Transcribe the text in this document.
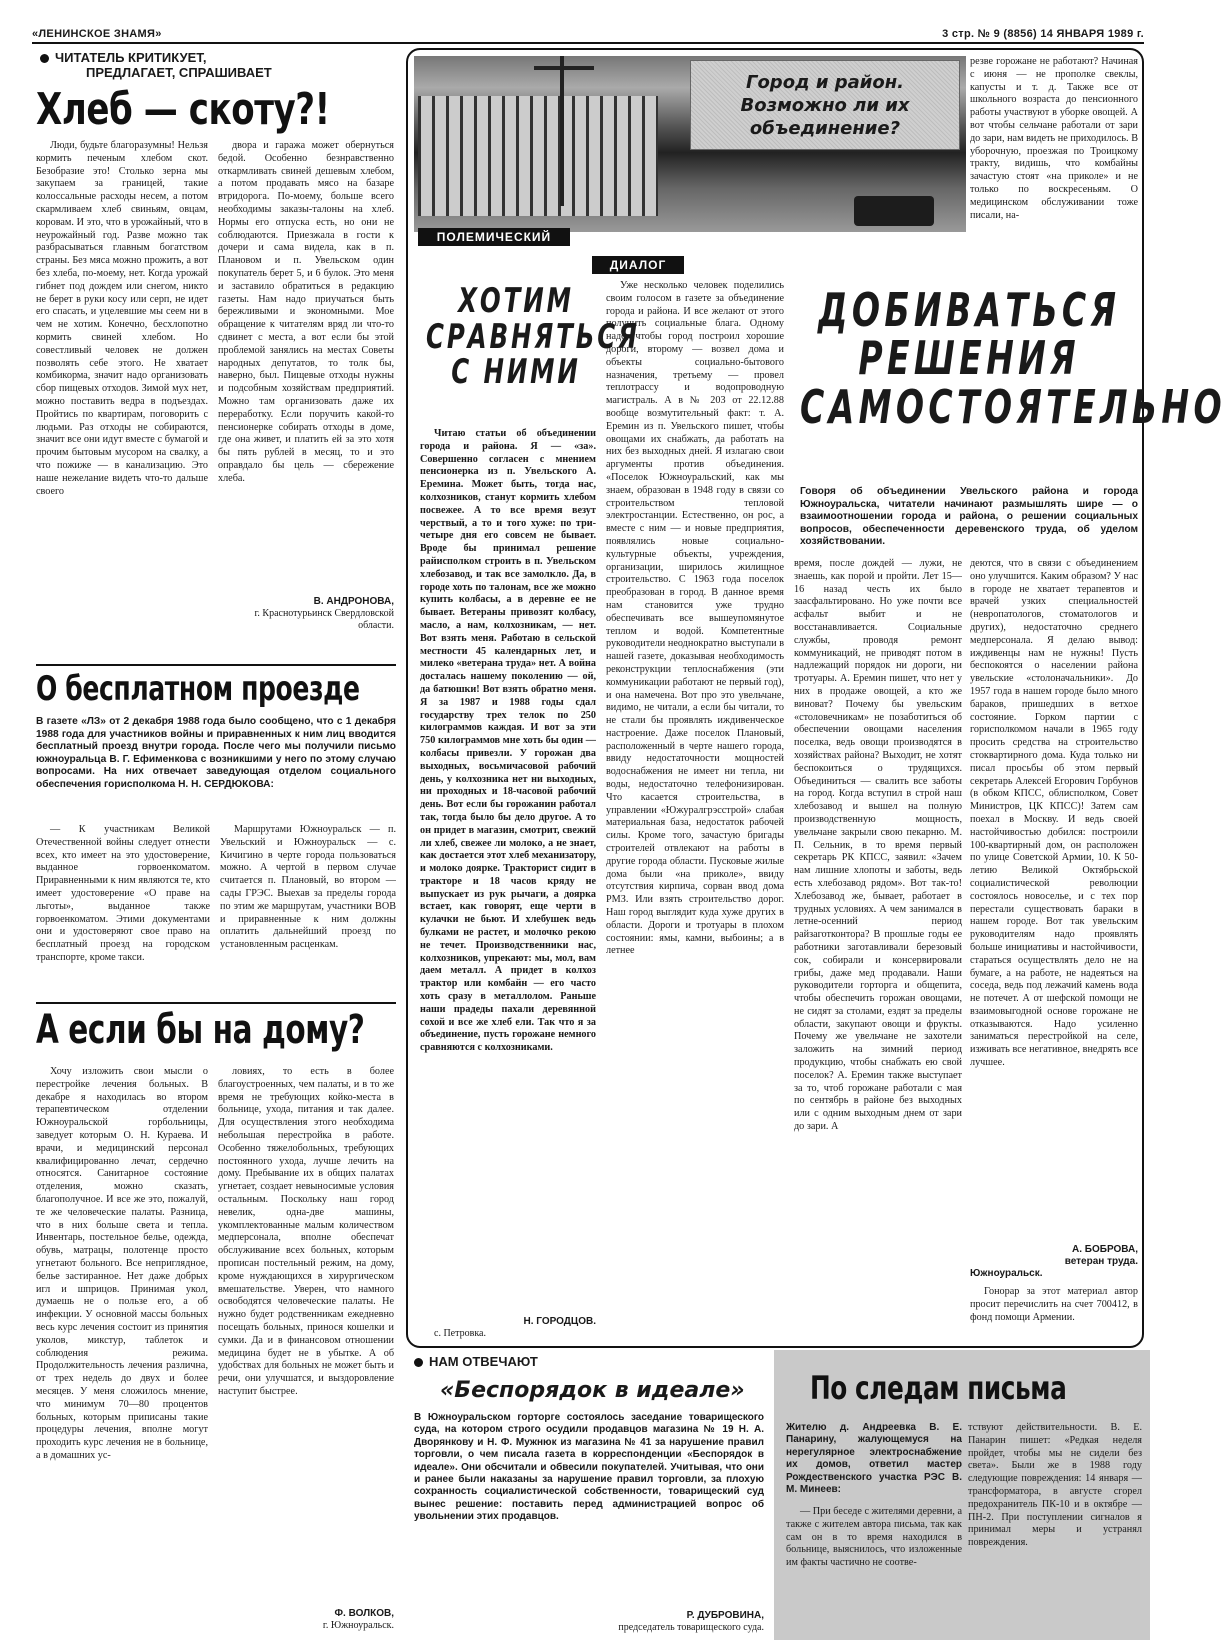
«ЛЕНИНСКОЕ ЗНАМЯ»	3 стр. № 9 (8856) 14 ЯНВАРЯ 1989 г.
ЧИТАТЕЛЬ КРИТИКУЕТ,
ПРЕДЛАГАЕТ, СПРАШИВАЕТ
Хлеб — скоту?!

Люди, будьте благоразумны! Нельзя кормить печеным хлебом скот. Безобразие это! Столько зерна мы закупаем за границей, такие колоссальные расходы несем, а потом скармливаем хлеб свиньям, овцам, коровам. И это, что в урожайный, что в неурожайный год. Разве можно так разбрасываться главным богатством страны. Без мяса можно прожить, а вот без хлеба, по-моему, нет. Когда урожай гибнет под дождем или снегом, никто не берет в руки косу или серп, не идет его спасать, и уцелевшие мы сеем ни в чем не хотим. Конечно, бесхлопотно кормить свиней хлебом. Но совестливый человек не должен позволять себе этого. Не хватает комбикорма, значит надо организовать сбор пищевых отходов. Зимой мух нет, можно поставить ведра в подъездах. Пройтись по квартирам, поговорить с людьми. Раз отходы не собираются, значит все они идут вместе с бумагой и прочим бытовым мусором на свалку, а что пожиже — в канализацию. Это наше нежелание видеть что-то дальше своего

двора и гаража может обернуться бедой. Особенно безнравственно откармливать свиней дешевым хлебом, а потом продавать мясо на базаре втридорога. По-моему, больше всего необходимы заказы-талоны на хлеб. Нормы его отпуска есть, но они не соблюдаются. Приезжала в гости к дочери и сама видела, как в п. Плановом и п. Увельском один покупатель берет 5, и 6 булок. Это меня и заставило обратиться в редакцию газеты. Нам надо приучаться быть бережливыми и экономными. Мое обращение к читателям вряд ли что-то сдвинет с места, а вот если бы этой проблемой занялись на местах Советы народных депутатов, то толк бы, наверно, был. Пищевые отходы нужны и подсобным хозяйствам предприятий. Можно там организовать даже их переработку. Если поручить какой-то пенсионерке собирать отходы в доме, где она живет, и платить ей за это хотя бы пять рублей в месяц, то и это оправдало бы цель — сбережение хлеба.

В. АНДРОНОВА,
г. Краснотурьинск Свердловской области.
О бесплатном проезде
В газете «ЛЗ» от 2 декабря 1988 года было сообщено, что с 1 декабря 1988 года для участников войны и приравненных к ним лиц вводится бесплатный проезд внутри города. После чего мы получили письмо южноуральца В. Г. Ефименкова с возникшими у него по этому случаю вопросами. На них отвечает заведующая отделом социального обеспечения горисполкома Н. Н. СЕРДЮКОВА:

— К участникам Великой Отечественной войны следует отнести всех, кто имеет на это удостоверение, выданное горвоенкоматом. Приравненными к ним являются те, кто имеет удостоверение «О праве на льготы», выданное также горвоенкоматом. Этими документами они и удостоверяют свое право на бесплатный проезд на городском транспорте, кроме такси.

Маршрутами Южноуральск — п. Увельский и Южноуральск — с. Кичигино в черте города пользоваться можно. А чертой в первом случае считается п. Плановый, во втором — сады ГРЭС. Выехав за пределы города по этим же маршрутам, участники ВОВ и приравненные к ним должны оплатить дальнейший проезд по установленным расценкам.

А если бы на дому?

Хочу изложить свои мысли о перестройке лечения больных. В декабре я находилась во втором терапевтическом отделении Южноуральской горбольницы, заведует которым О. Н. Кураева. И врачи, и медицинский персонал квалифицированно лечат, сердечно относятся. Санитарное состояние отделения, можно сказать, благополучное. И все же это, пожалуй, те же человеческие палаты. Разница, что в них больше света и тепла. Инвентарь, постельное белье, одежда, обувь, матрацы, полотенце просто угнетают больного. Все неприглядное, белье застиранное. Нет даже добрых игл и шприцов. Принимая укол, думаешь не о пользе его, а об инфекции. У основной массы больных весь курс лечения состоит из принятия уколов, микстур, таблеток и соблюдения режима. Продолжительность лечения различна, от трех недель до двух и более месяцев. У меня сложилось мнение, что минимум 70—80 процентов больных, которым приписаны такие процедуры лечения, вполне могут проходить курс лечения не в больнице, а в домашних ус-

ловиях, то есть в более благоустроенных, чем палаты, и в то же время не требующих койко-места в больнице, ухода, питания и так далее. Для осуществления этого необходима небольшая перестройка в работе. Особенно тяжелобольных, требующих постоянного ухода, лучше лечить на дому. Пребывание их в общих палатах угнетает, создает невыносимые условия остальным. Поскольку наш город невелик, одна-две машины, укомплектованные малым количеством медперсонала, вполне обеспечат обслуживание всех больных, которым прописан постельный режим, на дому, кроме нуждающихся в хирургическом вмешательстве. Уверен, что намного освободятся человеческие палаты. Не нужно будет родственникам ежедневно посещать больных, принося кошелки и сумки. Да и в финансовом отношении медицина будет не в убытке. А об удобствах для больных не может быть и речи, они улучшатся, и выздоровление наступит быстрее.

Ф. ВОЛКОВ,
г. Южноуральск.
Город и район. Возможно ли их объединение?

резве горожане не работают? Начиная с июня — не прополке свеклы, капусты и т. д. Также все от школьного возраста до пенсионного работы участвуют в уборке овощей. А вот чтобы сельчане работали от зари до зари, нам видеть не приходилось. В уборочную, проезжая по Троицкому тракту, видишь, что комбайны зачастую стоят «на приколе» и не только по воскресеньям. О медицинском обслуживании тоже писали, на-

ПОЛЕМИЧЕСКИЙ
ДИАЛОГ
ХОТИМ СРАВНЯТЬСЯ С НИМИ

Читаю статьи об объединении города и района. Я — «за». Совершенно согласен с мнением пенсионерка из п. Увельского А. Еремина. Может быть, тогда нас, колхозников, станут кормить хлебом посвежее. А то все время везут черствый, а то и того хуже: по три-четыре дня его совсем не бывает. Вроде бы принимал решение райисполком строить в п. Увельском хлебозавод, и так все замолкло. Да, в городе хоть по талонам, все же можно купить колбасы, а в деревне ее не бывает. Ветераны привозят колбасу, масло, а нам, колхозникам, — нет. Вот взять меня. Работаю в сельской местности 45 календарных лет, и милеко «ветерана труда» нет. А война досталась нашему поколению — ой, да батюшки! Вот взять обратно меня. Я за 1987 и 1988 годы сдал государству трех телок по 250 килограммов каждая. И вот за эти 750 килограммов мне хоть бы один — колбасы привезли. У горожан два выходных, восьмичасовой рабочий день, у колхозника нет ни выходных, ни проходных и 18-часовой рабочий день. Вот если бы горожанин работал так, тогда было бы дело другое. А то он придет в магазин, смотрит, свежий ли хлеб, свежее ли молоко, а не знает, как достается этот хлеб механизатору, и молоко доярке. Тракторист сидит в тракторе и 18 часов кряду не выпускает из рук рычаги, а доярка встает, как говорят, еще черти в кулачки не бьют. И хлебушек ведь булками не растет, и молочко рекою не течет. Производственники нас, колхозников, упрекают: мы, мол, вам даем металл. А придет в колхоз трактор или комбайн — его часто хоть сразу в металлолом. Раньше наши прадеды пахали деревянной сохой и все же хлеб ели. Так что я за объединение, пусть горожане немного сравняются с колхозниками.

Н. ГОРОДЦОВ.

с. Петровка.

Уже несколько человек поделились своим голосом в газете за объединение города и района. И все желают от этого получить социальные блага. Одному надо, чтобы город построил хорошие дороги, второму — возвел дома и объекты социально-бытового назначения, третьему — провел теплотрассу и водопроводную магистраль. А в № 203 от 22.12.88 вообще возмутительный факт: т. А. Еремин из п. Увельского пишет, чтобы овощами их снабжать, да работать на них без выходных дней. Я излагаю свои аргументы против объединения. «Поселок Южноуральский, как мы знаем, образован в 1948 году в связи со строительством тепловой электростанции. Естественно, он рос, а вместе с ним — и новые предприятия, появлялись новые социально-культурные объекты, учреждения, организации, ширилось жилищное строительство. С 1963 года поселок преобразован в город. В данное время нам становится уже трудно обеспечивать все вышеупомянутое теплом и водой. Компетентные руководители неоднократно выступали в нашей газете, доказывая необходимость реконструкции теплоснабжения (эти коммуникации работают не первый год), и она намечена. Вот про это увельчане, видимо, не читали, а если бы читали, то не стали бы проявлять иждивенческое настроение. Даже поселок Плановый, расположенный в черте нашего города, ввиду недостаточности мощностей водоснабжения не имеет ни тепла, ни воды, недостаточно телефонизирован. Что касается строительства, в управлении «Южуралгрэсстрой» слабая материальная база, недостаток рабочей силы. Кроме того, зачастую бригады строителей отвлекают на работы в другие города области. Пусковые жилые дома были «на приколе», ввиду отсутствия кирпича, сорван ввод дома РМЗ. Или взять строительство дорог. Наш город выглядит куда хуже других в области. Дороги и тротуары в плохом состоянии: ямы, камни, выбоины; а в летнее

ДОБИВАТЬСЯ РЕШЕНИЯ САМОСТОЯТЕЛЬНО
Говоря об объединении Увельского района и города Южноуральска, читатели начинают размышлять шире — о взаимоотношении города и района, о решении социальных вопросов, обеспеченности деревенского труда, об уделом хозяйствовании.

время, после дождей — лужи, не знаешь, как порой и пройти. Лет 15—16 назад честь их было заасфальтировано. Но уже почти все асфальт выбит и не восстанавливается. Социальные службы, проводя ремонт коммуникаций, не приводят потом в надлежащий порядок ни дороги, ни тротуары. А. Еремин пишет, что нет у них в продаже овощей, а кто же виноват? Почему бы увельским «столовечникам» не позаботиться об обеспечении овощами населения поселка, ведь овощи производятся в хозяйствах района? Выходит, не хотят беспокоиться о трудящихся. Объединиться — свалить все заботы на город. Когда вступил в строй наш хлебозавод и вышел на полную производственную мощность, увельчане закрыли свою пекарню. М. П. Сельник, в то время первый секретарь РК КПСС, заявил: «Зачем нам лишние хлопоты и заботы, ведь есть хлебозавод рядом». Вот так-то! Хлебозавод же, бывает, работает в трудных условиях. А чем занимался в летне-осенний период райзаготконтора? В прошлые годы ее работники заготавливали березовый сок, собирали и консервировали грибы, даже мед продавали. Наши руководители горторга и общепита, чтобы обеспечить горожан овощами, не сидят за столами, ездят за пределы области, закупают овощи и фрукты. Почему же увельчане не захотели заложить на зимний период продукцию, чтобы снабжать ею свой поселок? А. Еремин также выступает за то, чтоб горожане работали с мая по сентябрь в районе без выходных или с одним выходным днем от зари до зари. А

деются, что в связи с объединением оно улучшится. Каким образом? У нас в городе не хватает терапевтов и врачей узких специальностей (невропатологов, стоматологов и других), недостаточно среднего медперсонала. Я делаю вывод: иждивенцы нам не нужны! Пусть беспокоятся о населении района увельские «столоначальники». До 1957 года в нашем городе было много бараков, пришедших в ветхое состояние. Горком партии с горисполкомом начали в 1965 году просить средства на строительство стоквартирного дома. Куда только ни писал просьбы об этом первый секретарь Алексей Егорович Горбунов (в обком КПСС, облисполком, Совет Министров, ЦК КПСС)! Затем сам поехал в Москву. И ведь своей настойчивостью добился: построили 100-квартирный дом, он расположен по улице Советской Армии, 10. К 50-летию Великой Октябрьской социалистической революции состоялось новоселье, и с тех пор перестали существовать бараки в нашем городе. Вот так увельским руководителям надо проявлять больше инициативы и настойчивости, стараться осуществлять дело не на бумаге, а на работе, не надеяться на соседа, ведь под лежачий камень вода не потечет. А от шефской помощи не взаимовыгодной основе горожане не отказываются. Надо усиленно заниматься перестройкой на селе, изживать все негативное, внедрять все лучшее.

А. БОБРОВА,
ветеран труда.

Южноуральск.

Гонорар за этот материал автор просит перечислить на счет 700412, в фонд помощи Армении.

НАМ ОТВЕЧАЮТ
«Беспорядок в идеале»
В Южноуральском горторге состоялось заседание товарищеского суда, на котором строго осудили продавцов магазина № 19 Н. А. Дворянкову и Н. Ф. Мужнюк из магазина № 41 за нарушение правил торговли, о чем писала газета в корреспонденции «Беспорядок в идеале». Они обсчитали и обвесили покупателей. Учитывая, что они и ранее были наказаны за нарушение правил торговли, за плохую сохранность социалистической собственности, товарищеский суд вынес решение: поставить перед администрацией вопрос об увольнении этих продавцов.
Р. ДУБРОВИНА,
председатель товарищеского суда.
По следам письма
Жителю д. Андреевка В. Е. Панарину, жалующемуся на нерегулярное электроснабжение их домов, ответил мастер Рождественского участка РЭС В. М. Минеев:

— При беседе с жителями деревни, а также с жителем автора письма, так как сам он в то время находился в больнице, выяснилось, что изложенные им факты частично не соотве-

тствуют действительности. В. Е. Панарин пишет: «Редкая неделя пройдет, чтобы мы не сидели без света». Были же в 1988 году следующие повреждения: 14 января — трансформатора, в августе сгорел предохранитель ПК-10 и в октябре — ПН-2. При поступлении сигналов я принимал меры и устранял повреждения.
